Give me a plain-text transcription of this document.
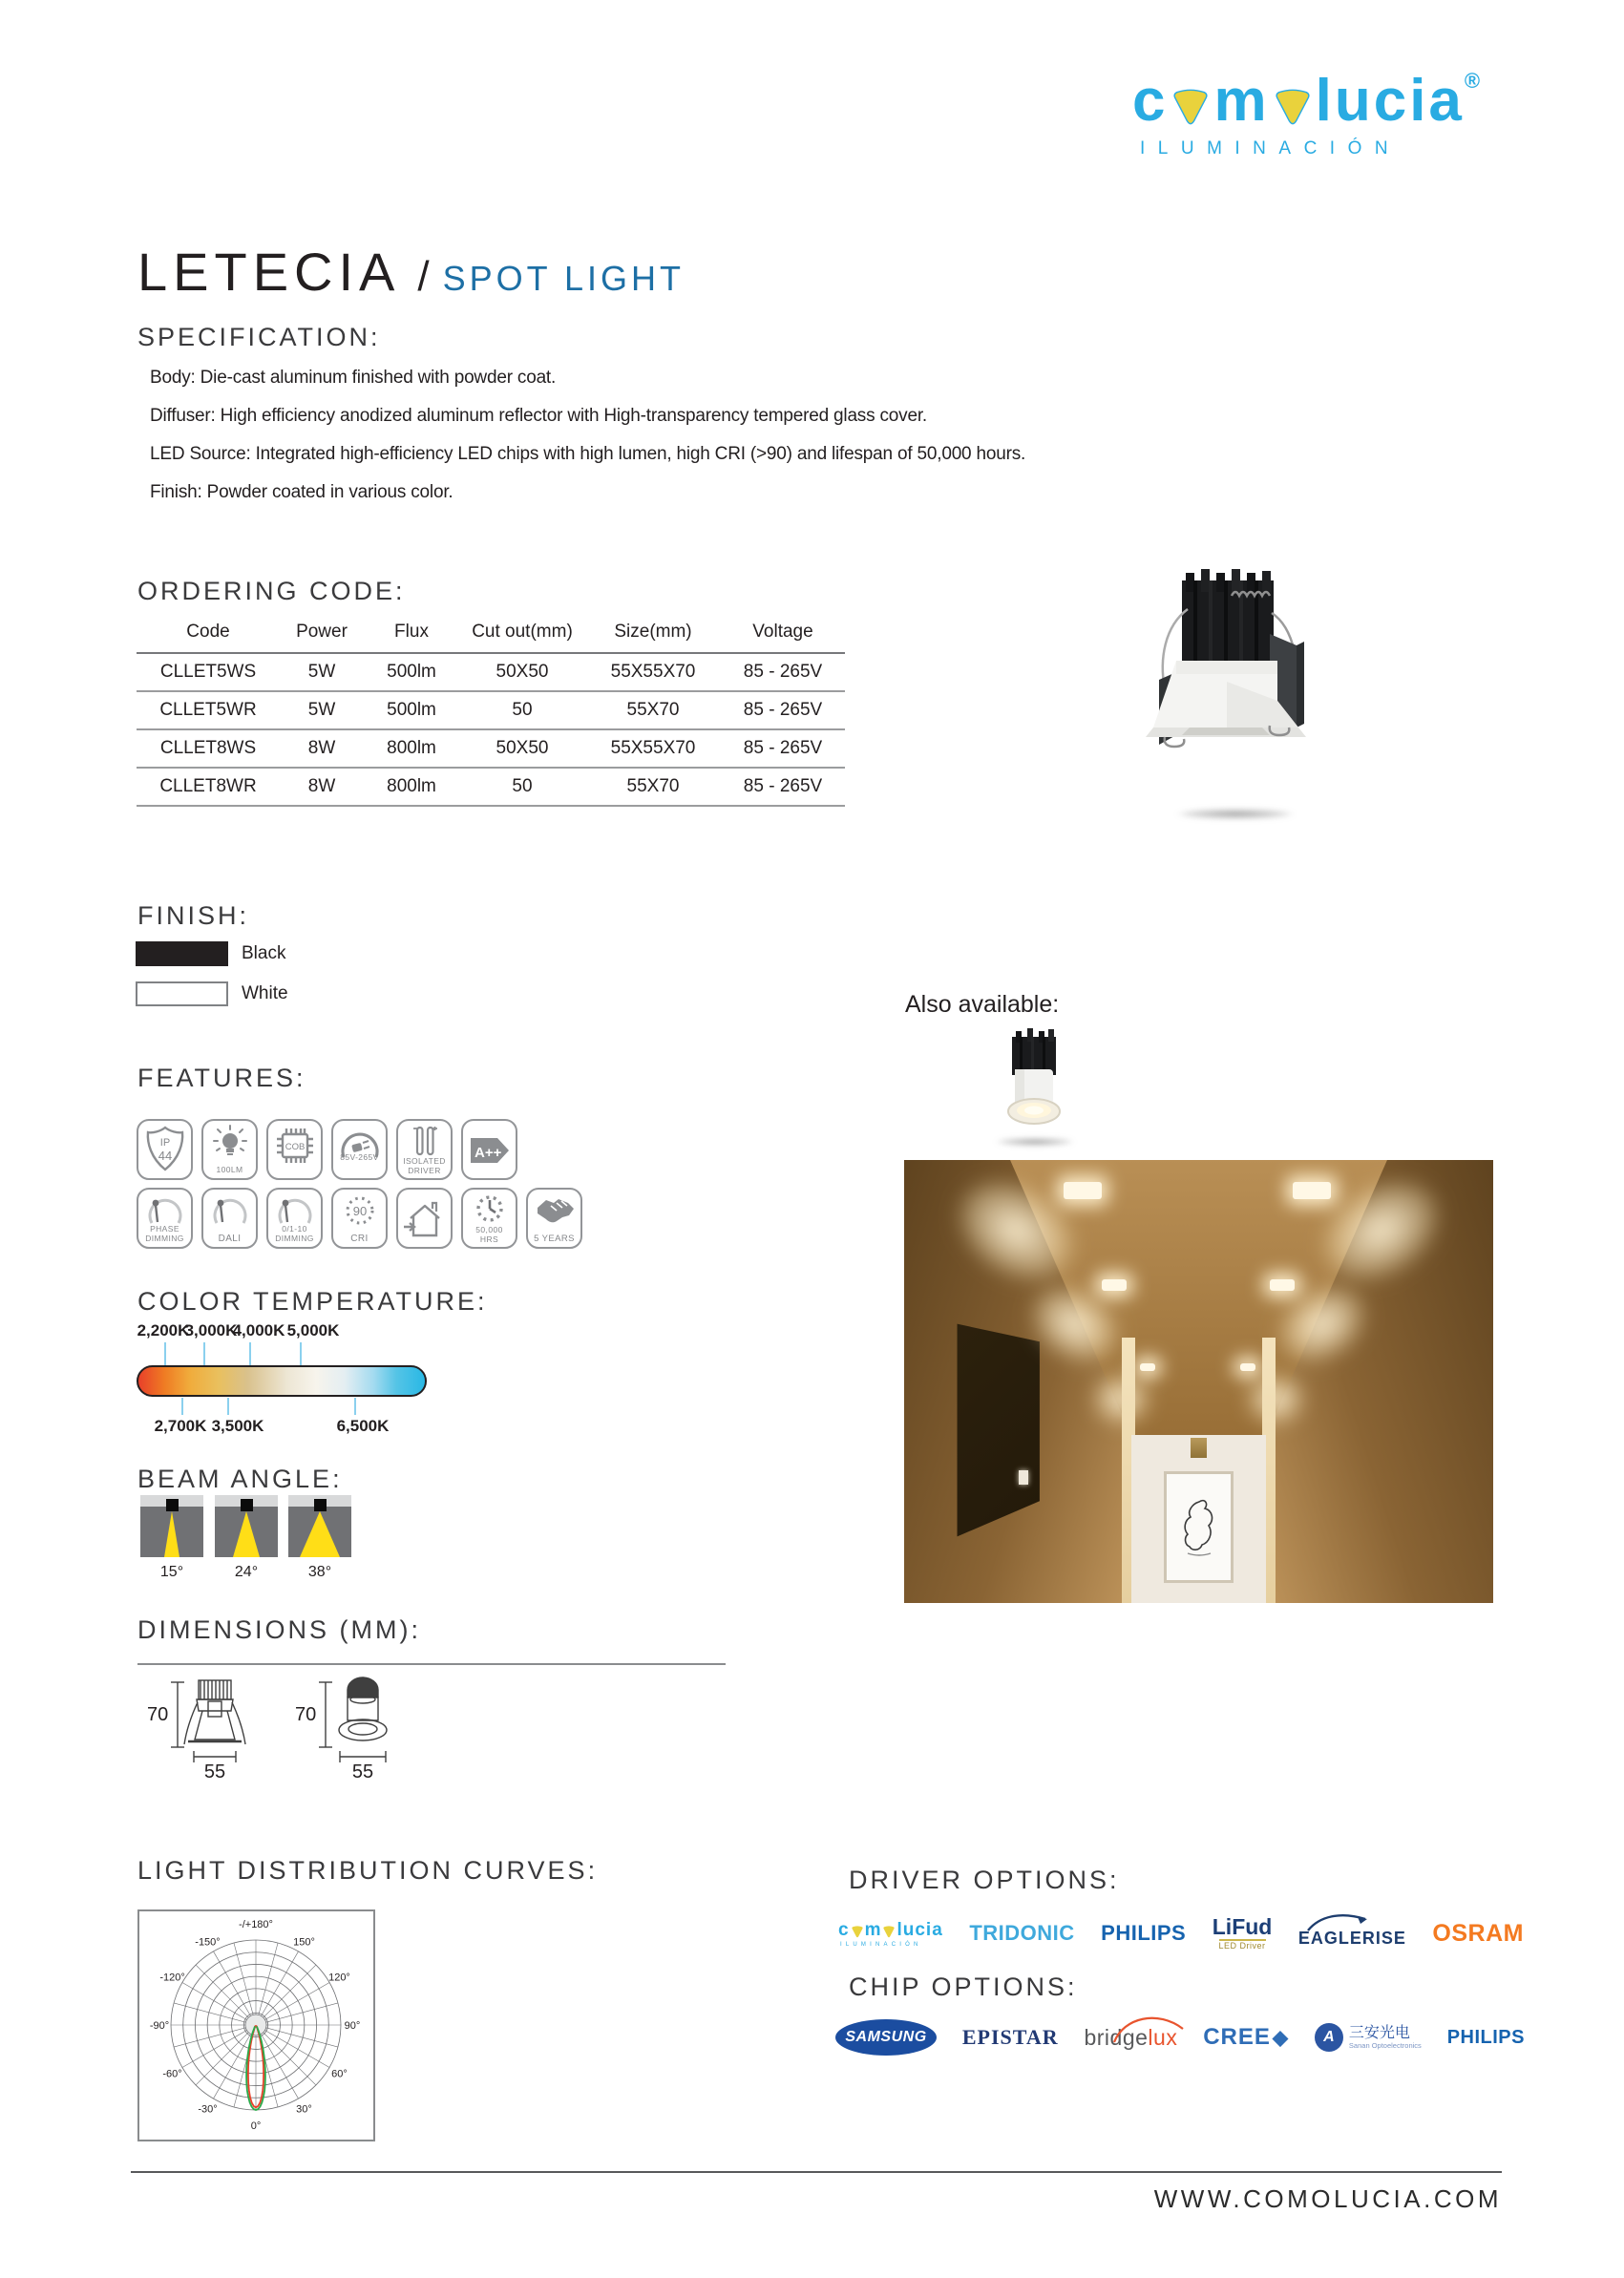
c m lucia ®
ILUMINACIÓN
LETECIA / SPOT LIGHT
SPECIFICATION:
Body: Die-cast aluminum finished with powder coat.
Diffuser: High efficiency anodized aluminum reflector with High-transparency tempered glass cover.
LED Source: Integrated high-efficiency LED chips with high lumen, high CRI (>90) and lifespan of 50,000 hours.
Finish: Powder coated in various color.
ORDERING CODE:
Code	Power	Flux	Cut out(mm)	Size(mm)	Voltage
CLLET5WS	5W	500lm	50X50	55X55X70	85 - 265V
CLLET5WR	5W	500lm	50	55X70	85 - 265V
CLLET8WS	8W	800lm	50X50	55X55X70	85 - 265V
CLLET8WR	8W	800lm	50	55X70	85 - 265V
FINISH:
Black
White	Also available:
FEATURES:
IP
44
100LM
COB
85V-265V	ISOLATED
DRIVER
A++
PHASE
DIMMING	DALI
0/1-10
DIMMING
90
CRI
50,000
HRS	5 YEARS
COLOR TEMPERATURE:
2,200K
3,000K
4,000K 5,000K
2,700K 3,500K	6,500K
BEAM ANGLE:
15°	24°	38°
DIMENSIONS (MM):
70
55
70
55
LIGHT DISTRIBUTION CURVES:
-/+180°
-150°	150°
-120°	120°
-90°	90°
-60°	60°
-30°	30°
0°
DRIVER OPTIONS:
c m lucia
ILUMINACIÓN TRIDONIC PHILIPS LiFud
LED Driver EAGLERISE OSRAM
CHIP OPTIONS:
SAMSUNG	EPISTAR bridgelux CREE ◆	A 三安光电
Sanan Optoelectronics PHILIPS
WWW.COMOLUCIA.COM
